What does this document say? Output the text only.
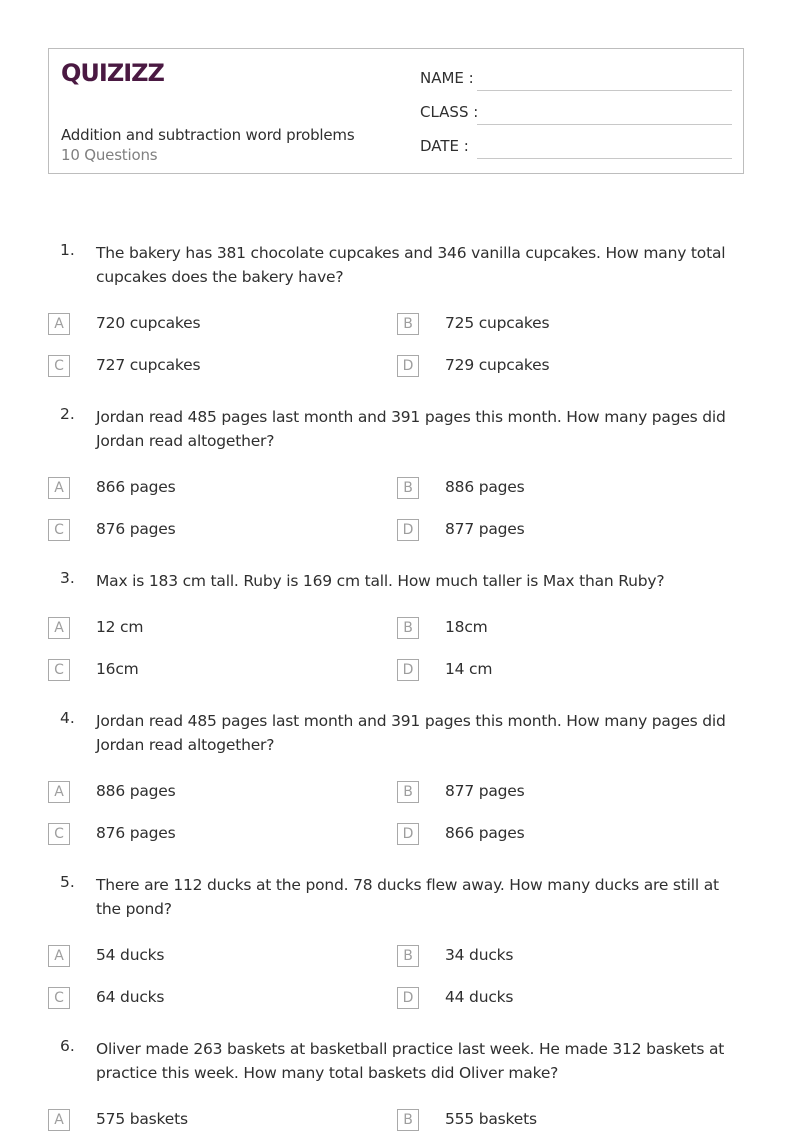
QUIZIZZ
Addition and subtraction word problems
10 Questions
NAME :
CLASS :
DATE :
1. The bakery has 381 chocolate cupcakes and 346 vanilla cupcakes. How many total cupcakes does the bakery have?
A	720 cupcakes	B	725 cupcakes
C	727 cupcakes	D	729 cupcakes
2. Jordan read 485 pages last month and 391 pages this month. How many pages did Jordan read altogether?
A	866 pages	B	886 pages
C	876 pages	D	877 pages
3. Max is 183 cm tall. Ruby is 169 cm tall. How much taller is Max than Ruby?
A	12 cm	B	18cm
C	16cm	D	14 cm
4. Jordan read 485 pages last month and 391 pages this month. How many pages did Jordan read altogether?
A	886 pages	B	877 pages
C	876 pages	D	866 pages
5. There are 112 ducks at the pond. 78 ducks flew away. How many ducks are still at the pond?
A	54 ducks	B	34 ducks
C	64 ducks	D	44 ducks
6. Oliver made 263 baskets at basketball practice last week. He made 312 baskets at practice this week. How many total baskets did Oliver make?
A	575 baskets	B	555 baskets
